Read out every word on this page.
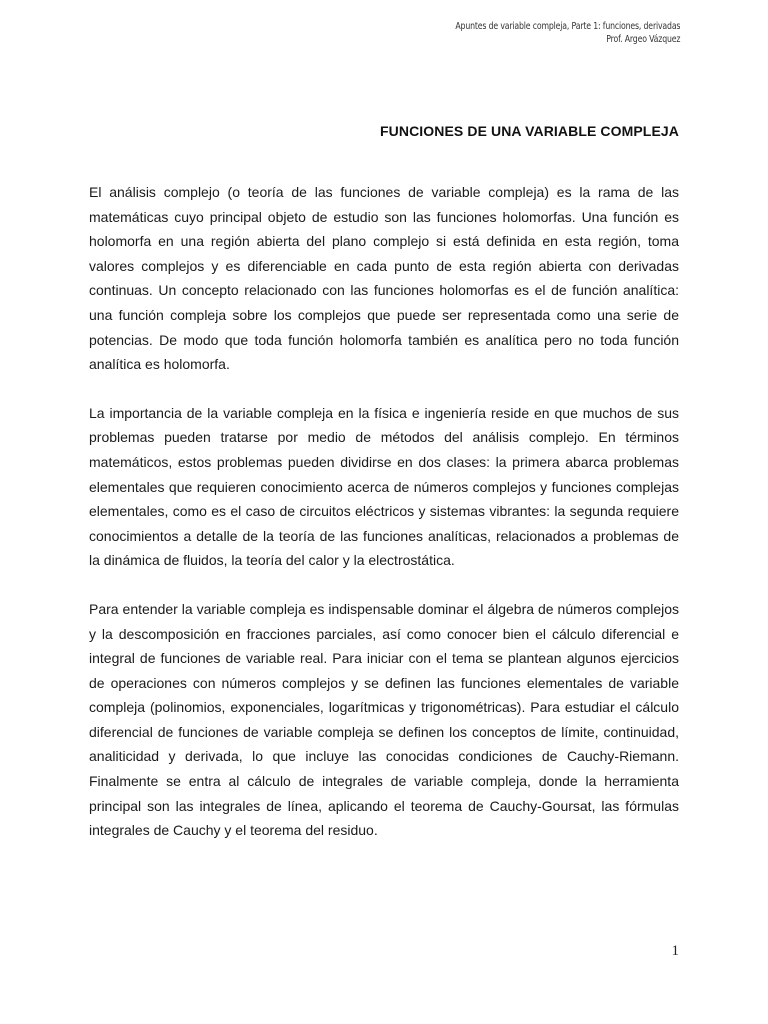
Apuntes de variable compleja, Parte 1: funciones, derivadas
Prof. Argeo Vázquez
FUNCIONES DE UNA VARIABLE COMPLEJA

El análisis complejo (o teoría de las funciones de variable compleja) es la rama de las matemáticas cuyo principal objeto de estudio son las funciones holomorfas. Una función es holomorfa en una región abierta del plano complejo si está definida en esta región, toma valores complejos y es diferenciable en cada punto de esta región abierta con derivadas continuas. Un concepto relacionado con las funciones holomorfas es el de función analítica: una función compleja sobre los complejos que puede ser representada como una serie de potencias. De modo que toda función holomorfa también es analítica pero no toda función analítica es holomorfa.

La importancia de la variable compleja en la física e ingeniería reside en que muchos de sus problemas pueden tratarse por medio de métodos del análisis complejo. En términos matemáticos, estos problemas pueden dividirse en dos clases: la primera abarca problemas elementales que requieren conocimiento acerca de números complejos y funciones complejas elementales, como es el caso de circuitos eléctricos y sistemas vibrantes: la segunda requiere conocimientos a detalle de la teoría de las funciones analíticas, relacionados a problemas de la dinámica de fluidos, la teoría del calor y la electrostática.

Para entender la variable compleja es indispensable dominar el álgebra de números complejos y la descomposición en fracciones parciales, así como conocer bien el cálculo diferencial e integral de funciones de variable real. Para iniciar con el tema se plantean algunos ejercicios de operaciones con números complejos y se definen las funciones elementales de variable compleja (polinomios, exponenciales, logarítmicas y trigonométricas). Para estudiar el cálculo diferencial de funciones de variable compleja se definen los conceptos de límite, continuidad, analiticidad y derivada, lo que incluye las conocidas condiciones de Cauchy-Riemann. Finalmente se entra al cálculo de integrales de variable compleja, donde la herramienta principal son las integrales de línea, aplicando el teorema de Cauchy-Goursat, las fórmulas integrales de Cauchy y el teorema del residuo.

1
